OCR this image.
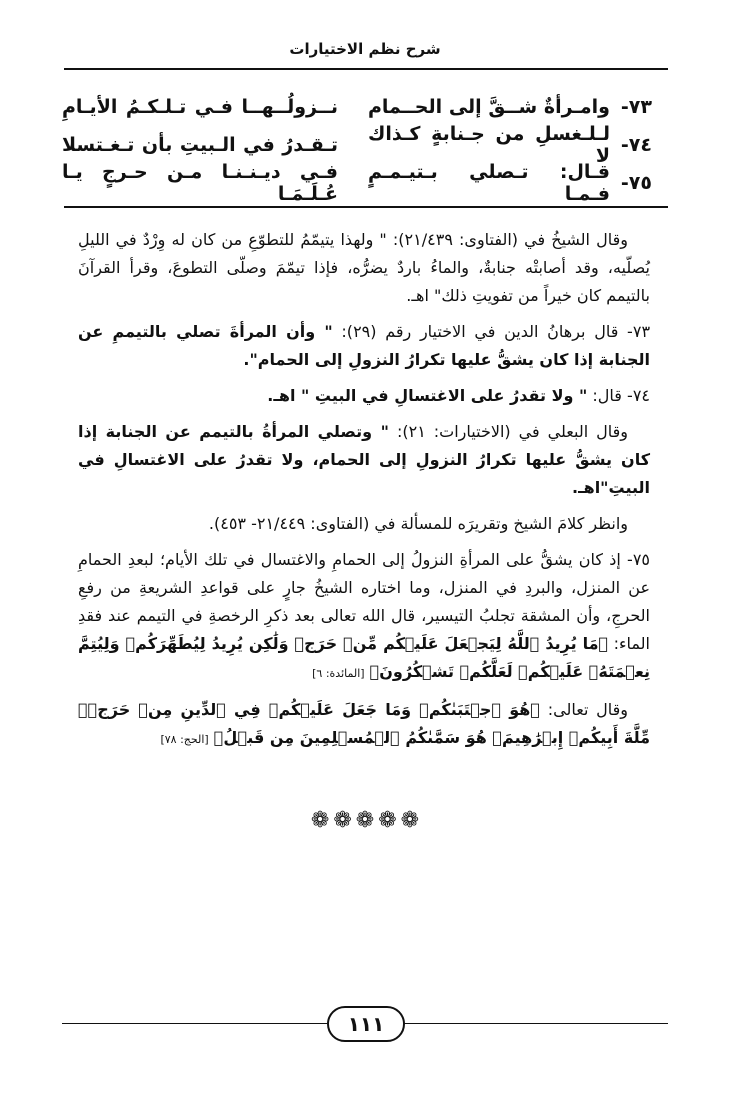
شرح نظم الاختيارات
٧٣-
وامـرأةٌ شــقَّ إلى الحــمام
نــزولُــهــا فـي تـلـكـمُ الأيـامِ
٧٤-
لـلـغسلِ من جـنابةٍ كـذاك لا
تـقـدرُ في الـبيتِ بأن تـغـتسلا
٧٥-
قـال: تـصلي بـتيـمـمٍ فـمـا
فـي ديـنـنـا مـن حـرجٍ يـا عُـلَـمَـا

وقال الشيخُ في (الفتاوى: ٢١/٤٣٩): " ولهذا يتيمّمُ للتطوّعِ من كان له وِرْدٌ في الليلِ يُصلّيه، وقد أصابتْه جنابةٌ، والماءُ باردٌ يضرُّه، فإذا تيمّمَ وصلّى التطوعَ، وقرأ القرآنَ بالتيمم كان خيراً من تفويتِ ذلك" اهـ.

٧٣- قال برهانُ الدين في الاختيار رقم (٢٩): " وأن المرأةَ تصلي بالتيممِ عن الجنابة إذا كان يشقُّ عليها تكرارُ النزولِ إلى الحمام".

٧٤- قال: " ولا تقدرُ على الاغتسالِ في البيتِ " اهـ.

وقال البعلي في (الاختيارات: ٢١): " وتصلي المرأةُ بالتيمم عن الجنابة إذا كان يشقُّ عليها تكرارُ النزولِ إلى الحمام، ولا تقدرُ على الاغتسالِ في البيتِ"اهـ.

وانظر كلامَ الشيخ وتقريرَه للمسألة في (الفتاوى: ٢١/٤٤٩- ٤٥٣).

٧٥- إذ كان يشقُّ على المرأةِ النزولُ إلى الحمامِ والاغتسال في تلك الأيام؛ لبعدِ الحمامِ عن المنزل، والبردِ في المنزل، وما اختاره الشيخُ جارٍ على قواعدِ الشريعةِ من رفعِ الحرجِ، وأن المشقة تجلبُ التيسير، قال الله تعالى بعد ذكرِ الرخصةِ في التيمم عند فقدِ الماء: ﴿مَا يُرِيدُ ٱللَّهُ لِيَجۡعَلَ عَلَيۡكُم مِّنۡ حَرَجٖ وَلَٰكِن يُرِيدُ لِيُطَهِّرَكُمۡ وَلِيُتِمَّ نِعۡمَتَهُۥ عَلَيۡكُمۡ لَعَلَّكُمۡ تَشۡكُرُونَ﴾ [المائدة: ٦]

وقال تعالى: ﴿هُوَ ٱجۡتَبَىٰكُمۡ وَمَا جَعَلَ عَلَيۡكُمۡ فِي ٱلدِّينِ مِنۡ حَرَجٖۚ مِّلَّةَ أَبِيكُمۡ إِبۡرَٰهِيمَۚ هُوَ سَمَّىٰكُمُ ٱلۡمُسۡلِمِينَ مِن قَبۡلُ﴾ [الحج: ٧٨]

❁ ❁ ❁ ❁ ❁
١١١
